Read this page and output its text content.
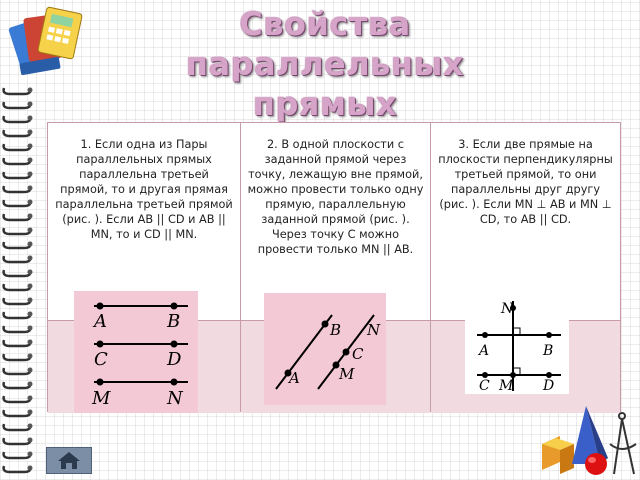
Свойства параллельных
прямых
1. Если одна из Пары параллельных прямых параллельна третьей прямой, то и другая прямая параллельна третьей прямой (рис. ). Если AB || CD и AB || MN, то и CD || MN.
2. В одной плоскости с заданной прямой через точку, лежащую вне прямой, можно провести только одну прямую, параллельную заданной прямой (рис. ). Через точку C можно провести только MN || AB.
3. Если две прямые на плоскости перпендикулярны третьей прямой, то они параллельны друг другу (рис. ). Если MN ⊥ AB и MN ⊥ CD, то AB || CD.
A	B
C	D
M	N
A
B
C
M
N
N
A	B
C M D
